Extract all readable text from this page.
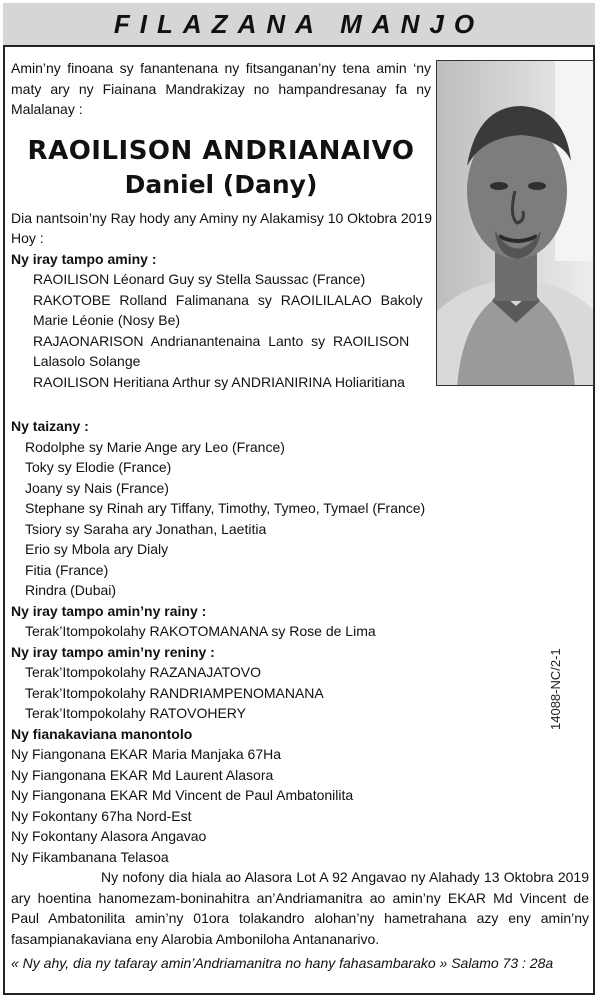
FILAZANA MANJO
14088-NC/2-1
Amin’ny finoana sy fanantenana ny fitsanganan’ny tena amin ‘ny maty ary ny Fiainana Mandrakizay no hampandresanay fa ny Malalanay :
RAOILISON ANDRIANAIVO
Daniel (Dany)
Dia nantsoin’ny Ray hody any Aminy ny Alakamisy 10 Oktobra 2019
Hoy :
Ny iray tampo aminy :
RAOILISON Léonard Guy sy Stella Saussac (France)
RAKOTOBE Rolland Falimanana sy RAOILILALAO Bakoly
Marie Léonie (Nosy Be)
RAJAONARISON Andrianantenaina Lanto sy RAOILISON
Lalasolo Solange
RAOILISON Heritiana Arthur sy ANDRIANIRINA Holiaritiana
Ny taizany :
Rodolphe sy Marie Ange ary Leo (France)
Toky sy Elodie (France)
Joany sy Nais (France)
Stephane sy Rinah ary Tiffany, Timothy, Tymeo, Tymael (France)
Tsiory sy Saraha ary Jonathan, Laetitia
Erio sy Mbola ary Dialy
Fitia (France)
Rindra (Dubai)
Ny iray tampo amin’ny rainy :
Terak’Itompokolahy RAKOTOMANANA sy Rose de Lima
Ny iray tampo amin’ny reniny :
Terak’Itompokolahy RAZANAJATOVO
Terak’Itompokolahy RANDRIAMPENOMANANA
Terak’Itompokolahy RATOVOHERY
Ny fianakaviana manontolo
Ny Fiangonana EKAR Maria Manjaka 67Ha
Ny Fiangonana EKAR Md Laurent Alasora
Ny Fiangonana EKAR Md Vincent de Paul Ambatonilita
Ny Fokontany 67ha Nord-Est
Ny Fokontany Alasora Angavao
Ny Fikambanana Telasoa
Ny nofony dia hiala ao Alasora Lot A 92 Angavao ny Alahady 13 Oktobra 2019 ary hoentina hanomezam-boninahitra an’Andriamanitra ao amin’ny EKAR Md Vincent de Paul Ambatonilita amin’ny 01ora tolakandro alohan’ny hametrahana azy eny amin’ny fasampianakaviana eny Alarobia Amboniloha Antananarivo.
« Ny ahy, dia ny tafaray amin’Andriamanitra no hany fahasambarako » Salamo 73 : 28a
